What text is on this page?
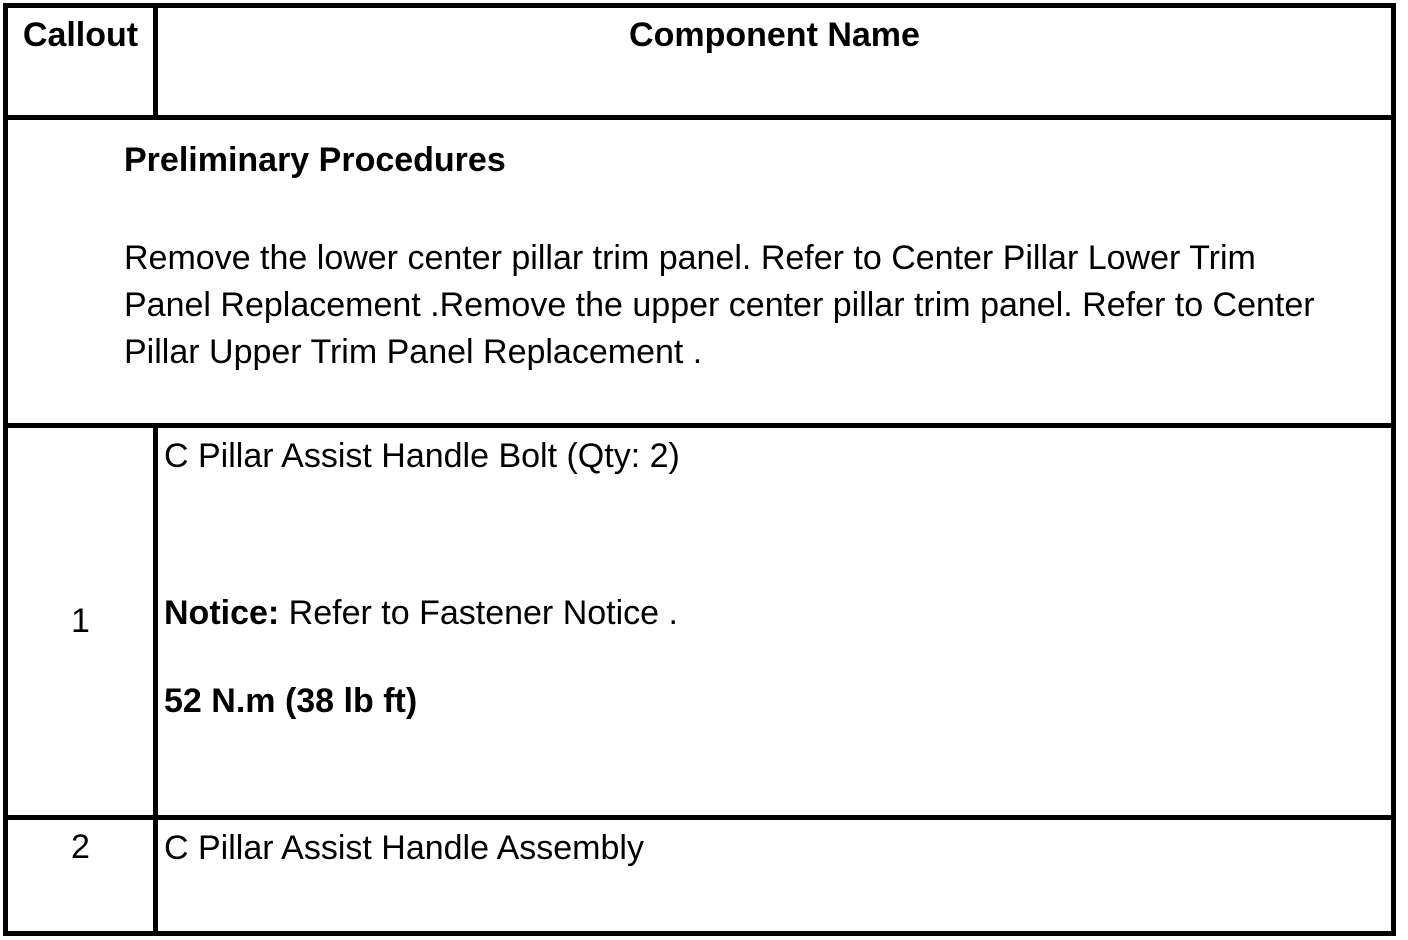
Callout	Component Name

Preliminary Procedures

Remove the lower center pillar trim panel. Refer to Center Pillar Lower Trim Panel Replacement .Remove the upper center pillar trim panel. Refer to Center Pillar Upper Trim Panel Replacement .	

1	C Pillar Assist Handle Bolt (Qty: 2)

Notice: Refer to Fastener Notice .

52 N.m (38 lb ft)

2	C Pillar Assist Handle Assembly
